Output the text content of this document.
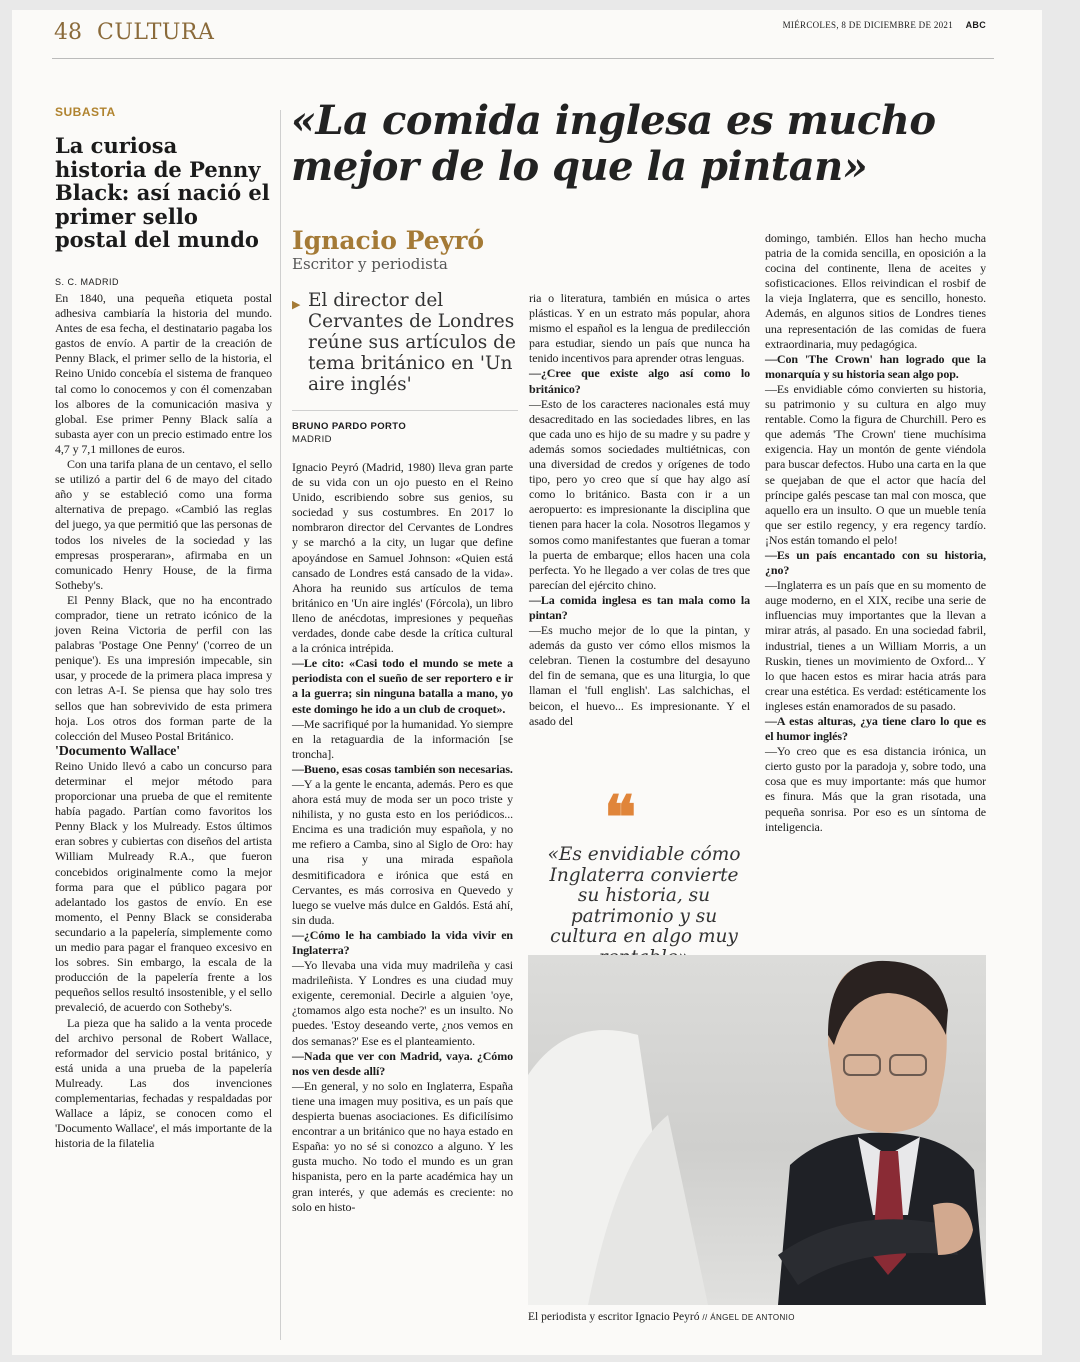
48 CULTURA	MIÉRCOLES, 8 DE DICIEMBRE DE 2021 ABC
SUBASTA
La curiosa historia de Penny Black: así nació el primer sello postal del mundo
S. C. MADRID

En 1840, una pequeña etiqueta postal adhesiva cambiaría la historia del mundo. Antes de esa fecha, el destinatario pagaba los gastos de envío. A partir de la creación de Penny Black, el primer sello de la historia, el Reino Unido concebía el sistema de franqueo tal como lo conocemos y con él comenzaban los albores de la comunicación masiva y global. Ese primer Penny Black salía a subasta ayer con un precio estimado entre los 4,7 y 7,1 millones de euros.

Con una tarifa plana de un centavo, el sello se utilizó a partir del 6 de mayo del citado año y se estableció como una forma alternativa de prepago. «Cambió las reglas del juego, ya que permitió que las personas de todos los niveles de la sociedad y las empresas prosperaran», afirmaba en un comunicado Henry House, de la firma Sotheby's.

El Penny Black, que no ha encontrado comprador, tiene un retrato icónico de la joven Reina Victoria de perfil con las palabras 'Postage One Penny' ('correo de un penique'). Es una impresión impecable, sin usar, y procede de la primera placa impresa y con letras A-I. Se piensa que hay solo tres sellos que han sobrevivido de esta primera hoja. Los otros dos forman parte de la colección del Museo Postal Británico.

'Documento Wallace'

Reino Unido llevó a cabo un concurso para determinar el mejor método para proporcionar una prueba de que el remitente había pagado. Partían como favoritos los Penny Black y los Mulready. Estos últimos eran sobres y cubiertas con diseños del artista William Mulready R.A., que fueron concebidos originalmente como la mejor forma para que el público pagara por adelantado los gastos de envío. En ese momento, el Penny Black se consideraba secundario a la papelería, simplemente como un medio para pagar el franqueo excesivo en los sobres. Sin embargo, la escala de la producción de la papelería frente a los pequeños sellos resultó insostenible, y el sello prevaleció, de acuerdo con Sotheby's.

La pieza que ha salido a la venta procede del archivo personal de Robert Wallace, reformador del servicio postal británico, y está unida a una prueba de la papelería Mulready. Las dos invenciones complementarias, fechadas y respaldadas por Wallace a lápiz, se conocen como el 'Documento Wallace', el más importante de la historia de la filatelia

«La comida inglesa es mucho mejor de lo que la pintan»
Ignacio Peyró
Escritor y periodista
▶ El director del Cervantes de Londres reúne sus artículos de tema británico en 'Un aire inglés'
BRUNO PARDO PORTO
MADRID

Ignacio Peyró (Madrid, 1980) lleva gran parte de su vida con un ojo puesto en el Reino Unido, escribiendo sobre sus genios, su sociedad y sus costumbres. En 2017 lo nombraron director del Cervantes de Londres y se marchó a la city, un lugar que define apoyándose en Samuel Johnson: «Quien está cansado de Londres está cansado de la vida». Ahora ha reunido sus artículos de tema británico en 'Un aire inglés' (Fórcola), un libro lleno de anécdotas, impresiones y pequeñas verdades, donde cabe desde la crítica cultural a la crónica intrépida.

—Le cito: «Casi todo el mundo se mete a periodista con el sueño de ser reportero e ir a la guerra; sin ninguna batalla a mano, yo este domingo he ido a un club de croquet».

—Me sacrifiqué por la humanidad. Yo siempre en la retaguardia de la información [se troncha].

—Bueno, esas cosas también son necesarias.

—Y a la gente le encanta, además. Pero es que ahora está muy de moda ser un poco triste y nihilista, y no gusta esto en los periódicos... Encima es una tradición muy española, y no me refiero a Camba, sino al Siglo de Oro: hay una risa y una mirada española desmitificadora e irónica que está en Cervantes, es más corrosiva en Quevedo y luego se vuelve más dulce en Galdós. Está ahí, sin duda.

—¿Cómo le ha cambiado la vida vivir en Inglaterra?

—Yo llevaba una vida muy madrileña y casi madrileñista. Y Londres es una ciudad muy exigente, ceremonial. Decirle a alguien 'oye, ¿tomamos algo esta noche?' es un insulto. No puedes. 'Estoy deseando verte, ¿nos vemos en dos semanas?' Ese es el planteamiento.

—Nada que ver con Madrid, vaya. ¿Cómo nos ven desde allí?

—En general, y no solo en Inglaterra, España tiene una imagen muy positiva, es un país que despierta buenas asociaciones. Es dificilísimo encontrar a un británico que no haya estado en España: yo no sé si conozco a alguno. Y les gusta mucho. No todo el mundo es un gran hispanista, pero en la parte académica hay un gran interés, y que además es creciente: no solo en histo-

ria o literatura, también en música o artes plásticas. Y en un estrato más popular, ahora mismo el español es la lengua de predilección para estudiar, siendo un país que nunca ha tenido incentivos para aprender otras lenguas.

—¿Cree que existe algo así como lo británico?

—Esto de los caracteres nacionales está muy desacreditado en las sociedades libres, en las que cada uno es hijo de su madre y su padre y además somos sociedades multiétnicas, con una diversidad de credos y orígenes de todo tipo, pero yo creo que sí que hay algo así como lo británico. Basta con ir a un aeropuerto: es impresionante la disciplina que tienen para hacer la cola. Nosotros llegamos y somos como manifestantes que fueran a tomar la puerta de embarque; ellos hacen una cola perfecta. Yo he llegado a ver colas de tres que parecían del ejército chino.

—La comida inglesa es tan mala como la pintan?

—Es mucho mejor de lo que la pintan, y además da gusto ver cómo ellos mismos la celebran. Tienen la costumbre del desayuno del fin de semana, que es una liturgia, lo que llaman el 'full english'. Las salchichas, el beicon, el huevo... Es impresionante. Y el asado del

domingo, también. Ellos han hecho mucha patria de la comida sencilla, en oposición a la cocina del continente, llena de aceites y sofisticaciones. Ellos reivindican el rosbif de la vieja Inglaterra, que es sencillo, honesto. Además, en algunos sitios de Londres tienes una representación de las comidas de fuera extraordinaria, muy pedagógica.

—Con 'The Crown' han logrado que la monarquía y su historia sean algo pop.

—Es envidiable cómo convierten su historia, su patrimonio y su cultura en algo muy rentable. Como la figura de Churchill. Pero es que además 'The Crown' tiene muchísima exigencia. Hay un montón de gente viéndola para buscar defectos. Hubo una carta en la que se quejaban de que el actor que hacía del príncipe galés pescase tan mal con mosca, que aquello era un insulto. O que un mueble tenía que ser estilo regency, y era regency tardío. ¡Nos están tomando el pelo!

—Es un país encantado con su historia, ¿no?

—Inglaterra es un país que en su momento de auge moderno, en el XIX, recibe una serie de influencias muy importantes que la llevan a mirar atrás, al pasado. En una sociedad fabril, industrial, tienes a un William Morris, a un Ruskin, tienes un movimiento de Oxford... Y lo que hacen estos es mirar hacia atrás para crear una estética. Es verdad: estéticamente los ingleses están enamorados de su pasado.

—A estas alturas, ¿ya tiene claro lo que es el humor inglés?

—Yo creo que es esa distancia irónica, un cierto gusto por la paradoja y, sobre todo, una cosa que es muy importante: más que humor es finura. Más que la gran risotada, una pequeña sonrisa. Por eso es un síntoma de inteligencia.

❝
«Es envidiable cómo Inglaterra convierte su historia, su patrimonio y su cultura en algo muy
El periodista y escritor Ignacio Peyró // ÁNGEL DE ANTONIO
